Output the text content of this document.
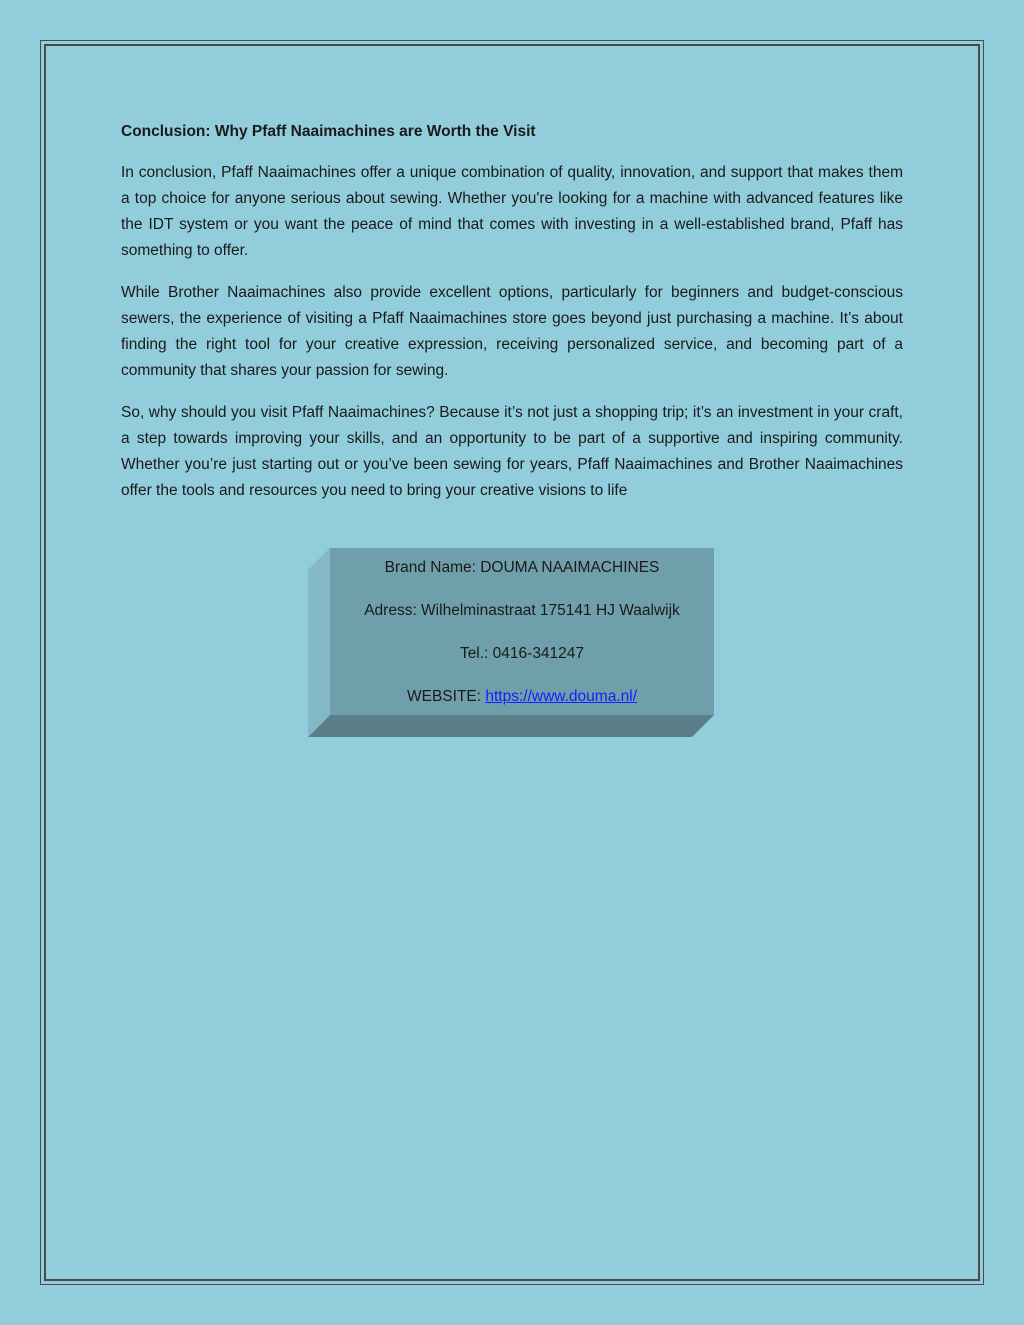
Conclusion: Why Pfaff Naaimachines are Worth the Visit

In conclusion, Pfaff Naaimachines offer a unique combination of quality, innovation, and support that makes them a top choice for anyone serious about sewing. Whether you're looking for a machine with advanced features like the IDT system or you want the peace of mind that comes with investing in a well-established brand, Pfaff has something to offer.

While Brother Naaimachines also provide excellent options, particularly for beginners and budget-conscious sewers, the experience of visiting a Pfaff Naaimachines store goes beyond just purchasing a machine. It’s about finding the right tool for your creative expression, receiving personalized service, and becoming part of a community that shares your passion for sewing.

So, why should you visit Pfaff Naaimachines? Because it’s not just a shopping trip; it’s an investment in your craft, a step towards improving your skills, and an opportunity to be part of a supportive and inspiring community. Whether you’re just starting out or you’ve been sewing for years, Pfaff Naaimachines and Brother Naaimachines offer the tools and resources you need to bring your creative visions to life

Brand Name: DOUMA NAAIMACHINES
Adress: Wilhelminastraat 175141 HJ Waalwijk
Tel.: 0416-341247
WEBSITE: https://www.douma.nl/
